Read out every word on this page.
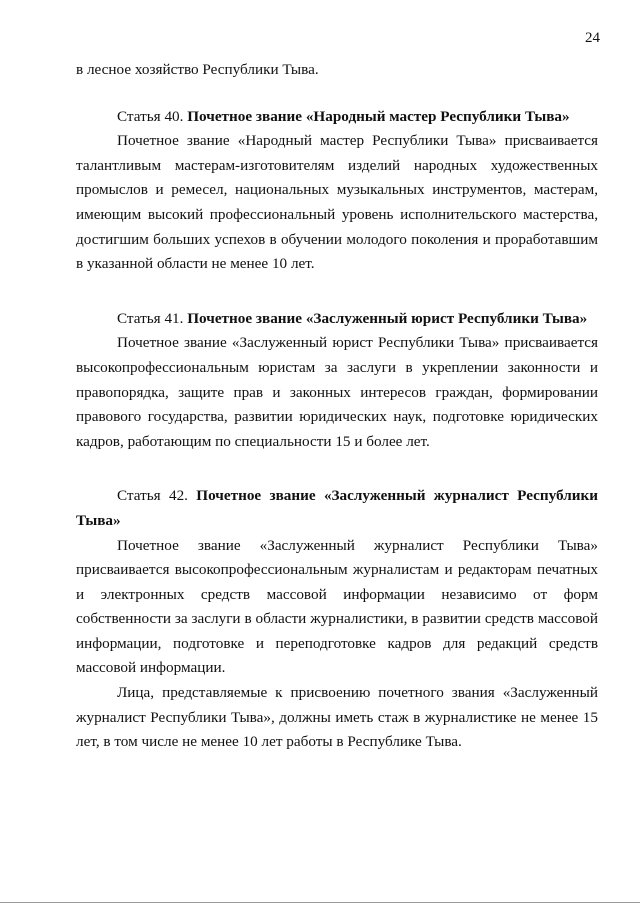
24

в лесное хозяйство Республики Тыва.

Статья 40. Почетное звание «Народный мастер Республики Тыва»

Почетное звание «Народный мастер Республики Тыва» присваивается талантливым мастерам-изготовителям изделий народных художественных промыслов и ремесел, национальных музыкальных инструментов, мастерам, имеющим высокий профессиональный уровень исполнительского мастерства, достигшим больших успехов в обучении молодого поколения и проработавшим в указанной области не менее 10 лет.

Статья 41. Почетное звание «Заслуженный юрист Республики Тыва»

Почетное звание «Заслуженный юрист Республики Тыва» присваивается высокопрофессиональным юристам за заслуги в укреплении законности и правопорядка, защите прав и законных интересов граждан, формировании правового государства, развитии юридических наук, подготовке юридических кадров, работающим по специальности 15 и более лет.

Статья 42. Почетное звание «Заслуженный журналист Республики Тыва»

Почетное звание «Заслуженный журналист Республики Тыва» присваивается высокопрофессиональным журналистам и редакторам печатных и электронных средств массовой информации независимо от форм собственности за заслуги в области журналистики, в развитии средств массовой информации, подготовке и переподготовке кадров для редакций средств массовой информации.

Лица, представляемые к присвоению почетного звания «Заслуженный журналист Республики Тыва», должны иметь стаж в журналистике не менее 15 лет, в том числе не менее 10 лет работы в Республике Тыва.
